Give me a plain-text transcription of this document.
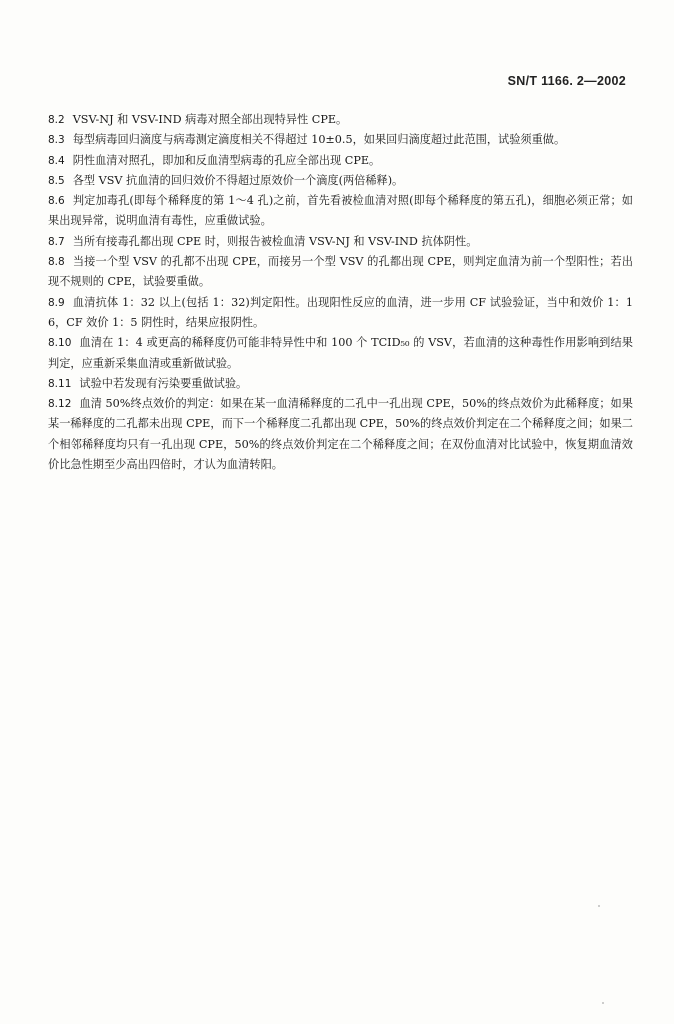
SN/T 1166. 2—2002
8.2 VSV-NJ 和 VSV-IND 病毒对照全部出现特异性 CPE。
8.3 每型病毒回归滴度与病毒测定滴度相关不得超过 10±0.5，如果回归滴度超过此范围，试验须重做。
8.4 阴性血清对照孔，即加和反血清型病毒的孔应全部出现 CPE。
8.5 各型 VSV 抗血清的回归效价不得超过原效价一个滴度(两倍稀释)。
8.6 判定加毒孔(即每个稀释度的第 1～4 孔)之前，首先看被检血清对照(即每个稀释度的第五孔)，细胞必须正常；如果出现异常，说明血清有毒性，应重做试验。
8.7 当所有接毒孔都出现 CPE 时，则报告被检血清 VSV-NJ 和 VSV-IND 抗体阴性。
8.8 当接一个型 VSV 的孔都不出现 CPE，而接另一个型 VSV 的孔都出现 CPE，则判定血清为前一个型阳性；若出现不规则的 CPE，试验要重做。
8.9 血清抗体 1：32 以上(包括 1：32)判定阳性。出现阳性反应的血清，进一步用 CF 试验验证，当中和效价 1：16，CF 效价 1：5 阴性时，结果应报阴性。
8.10 血清在 1：4 或更高的稀释度仍可能非特异性中和 100 个 TCID₅₀ 的 VSV，若血清的这种毒性作用影响到结果判定，应重新采集血清或重新做试验。
8.11 试验中若发现有污染要重做试验。
8.12 血清 50%终点效价的判定：如果在某一血清稀释度的二孔中一孔出现 CPE，50%的终点效价为此稀释度；如果某一稀释度的二孔都未出现 CPE，而下一个稀释度二孔都出现 CPE，50%的终点效价判定在二个稀释度之间；如果二个相邻稀释度均只有一孔出现 CPE，50%的终点效价判定在二个稀释度之间；在双份血清对比试验中，恢复期血清效价比急性期至少高出四倍时，才认为血清转阳。
